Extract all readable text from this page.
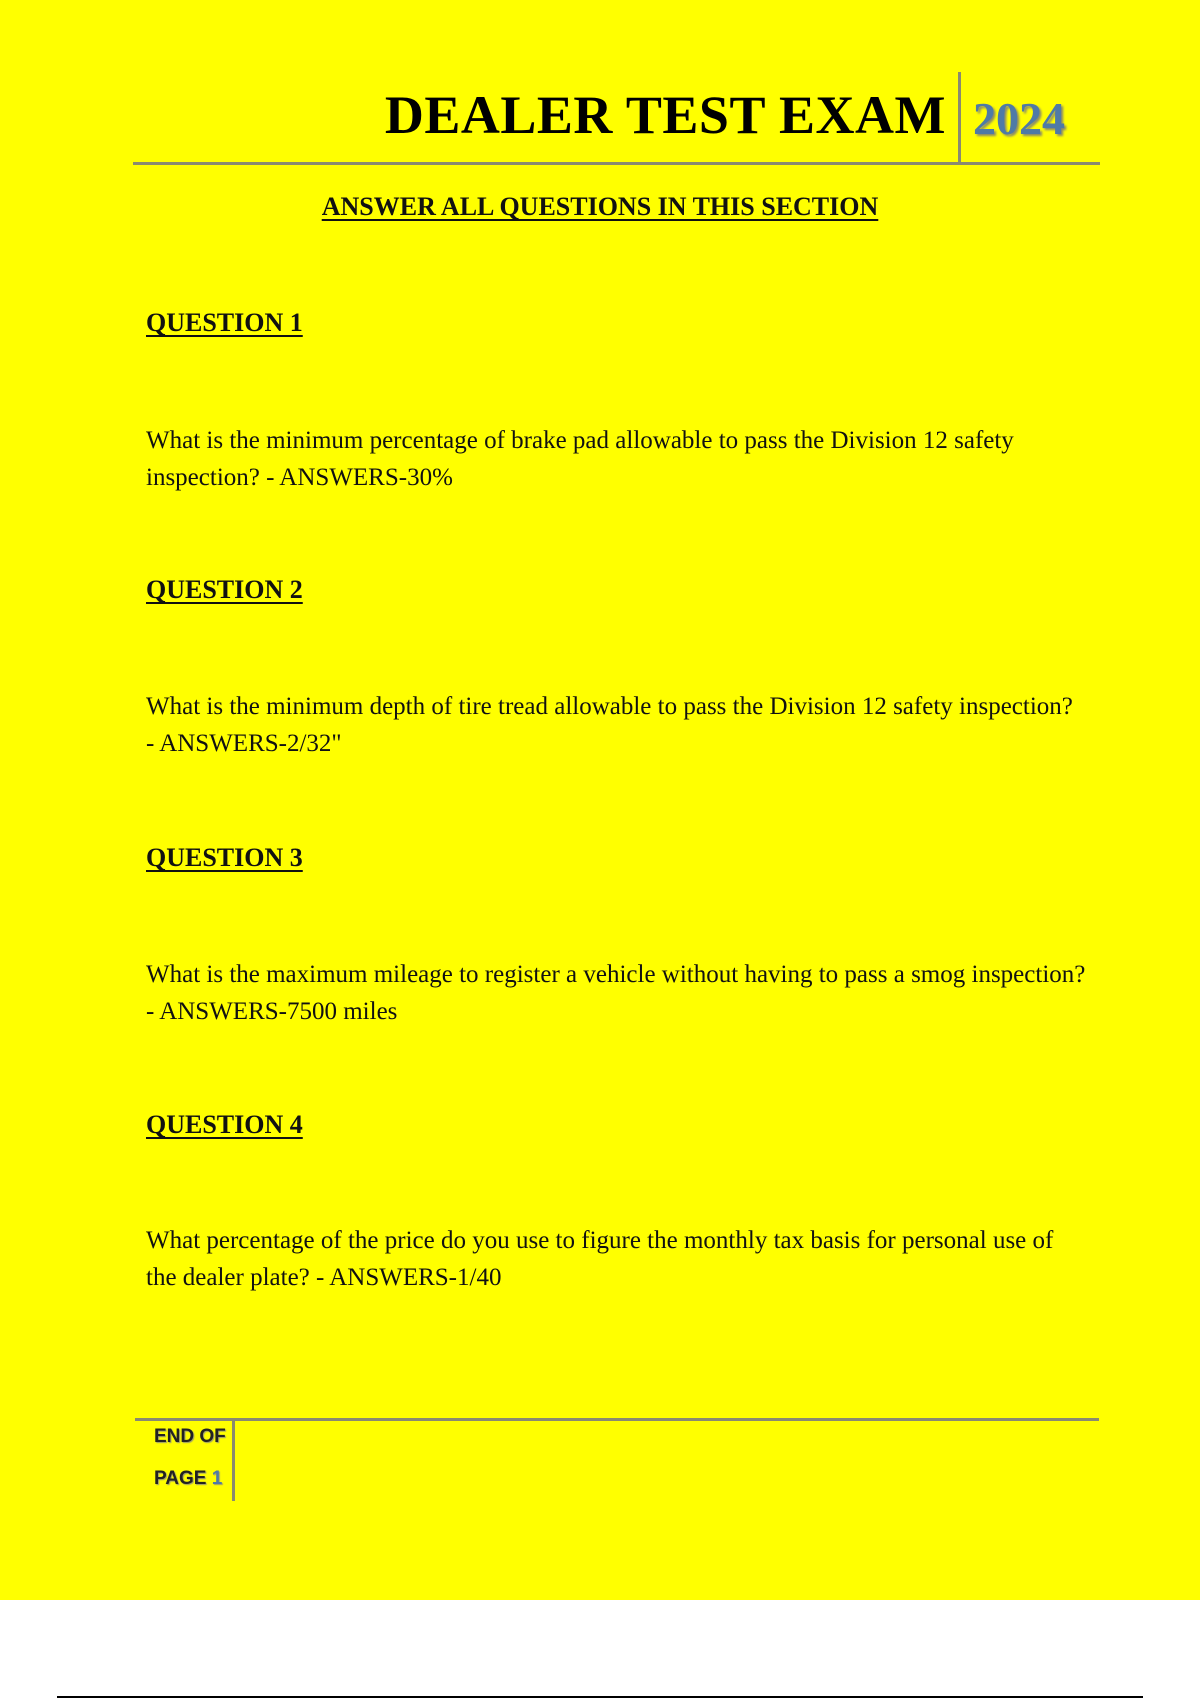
DEALER TEST EXAM 2024
ANSWER ALL QUESTIONS IN THIS SECTION
QUESTION 1
What is the minimum percentage of brake pad allowable to pass the Division 12 safety inspection? - ANSWERS-30%
QUESTION 2
What is the minimum depth of tire tread allowable to pass the Division 12 safety inspection? - ANSWERS-2/32"
QUESTION 3
What is the maximum mileage to register a vehicle without having to pass a smog inspection? - ANSWERS-7500 miles
QUESTION 4
What percentage of the price do you use to figure the monthly tax basis for personal use of the dealer plate? - ANSWERS-1/40
END OF
PAGE 1
